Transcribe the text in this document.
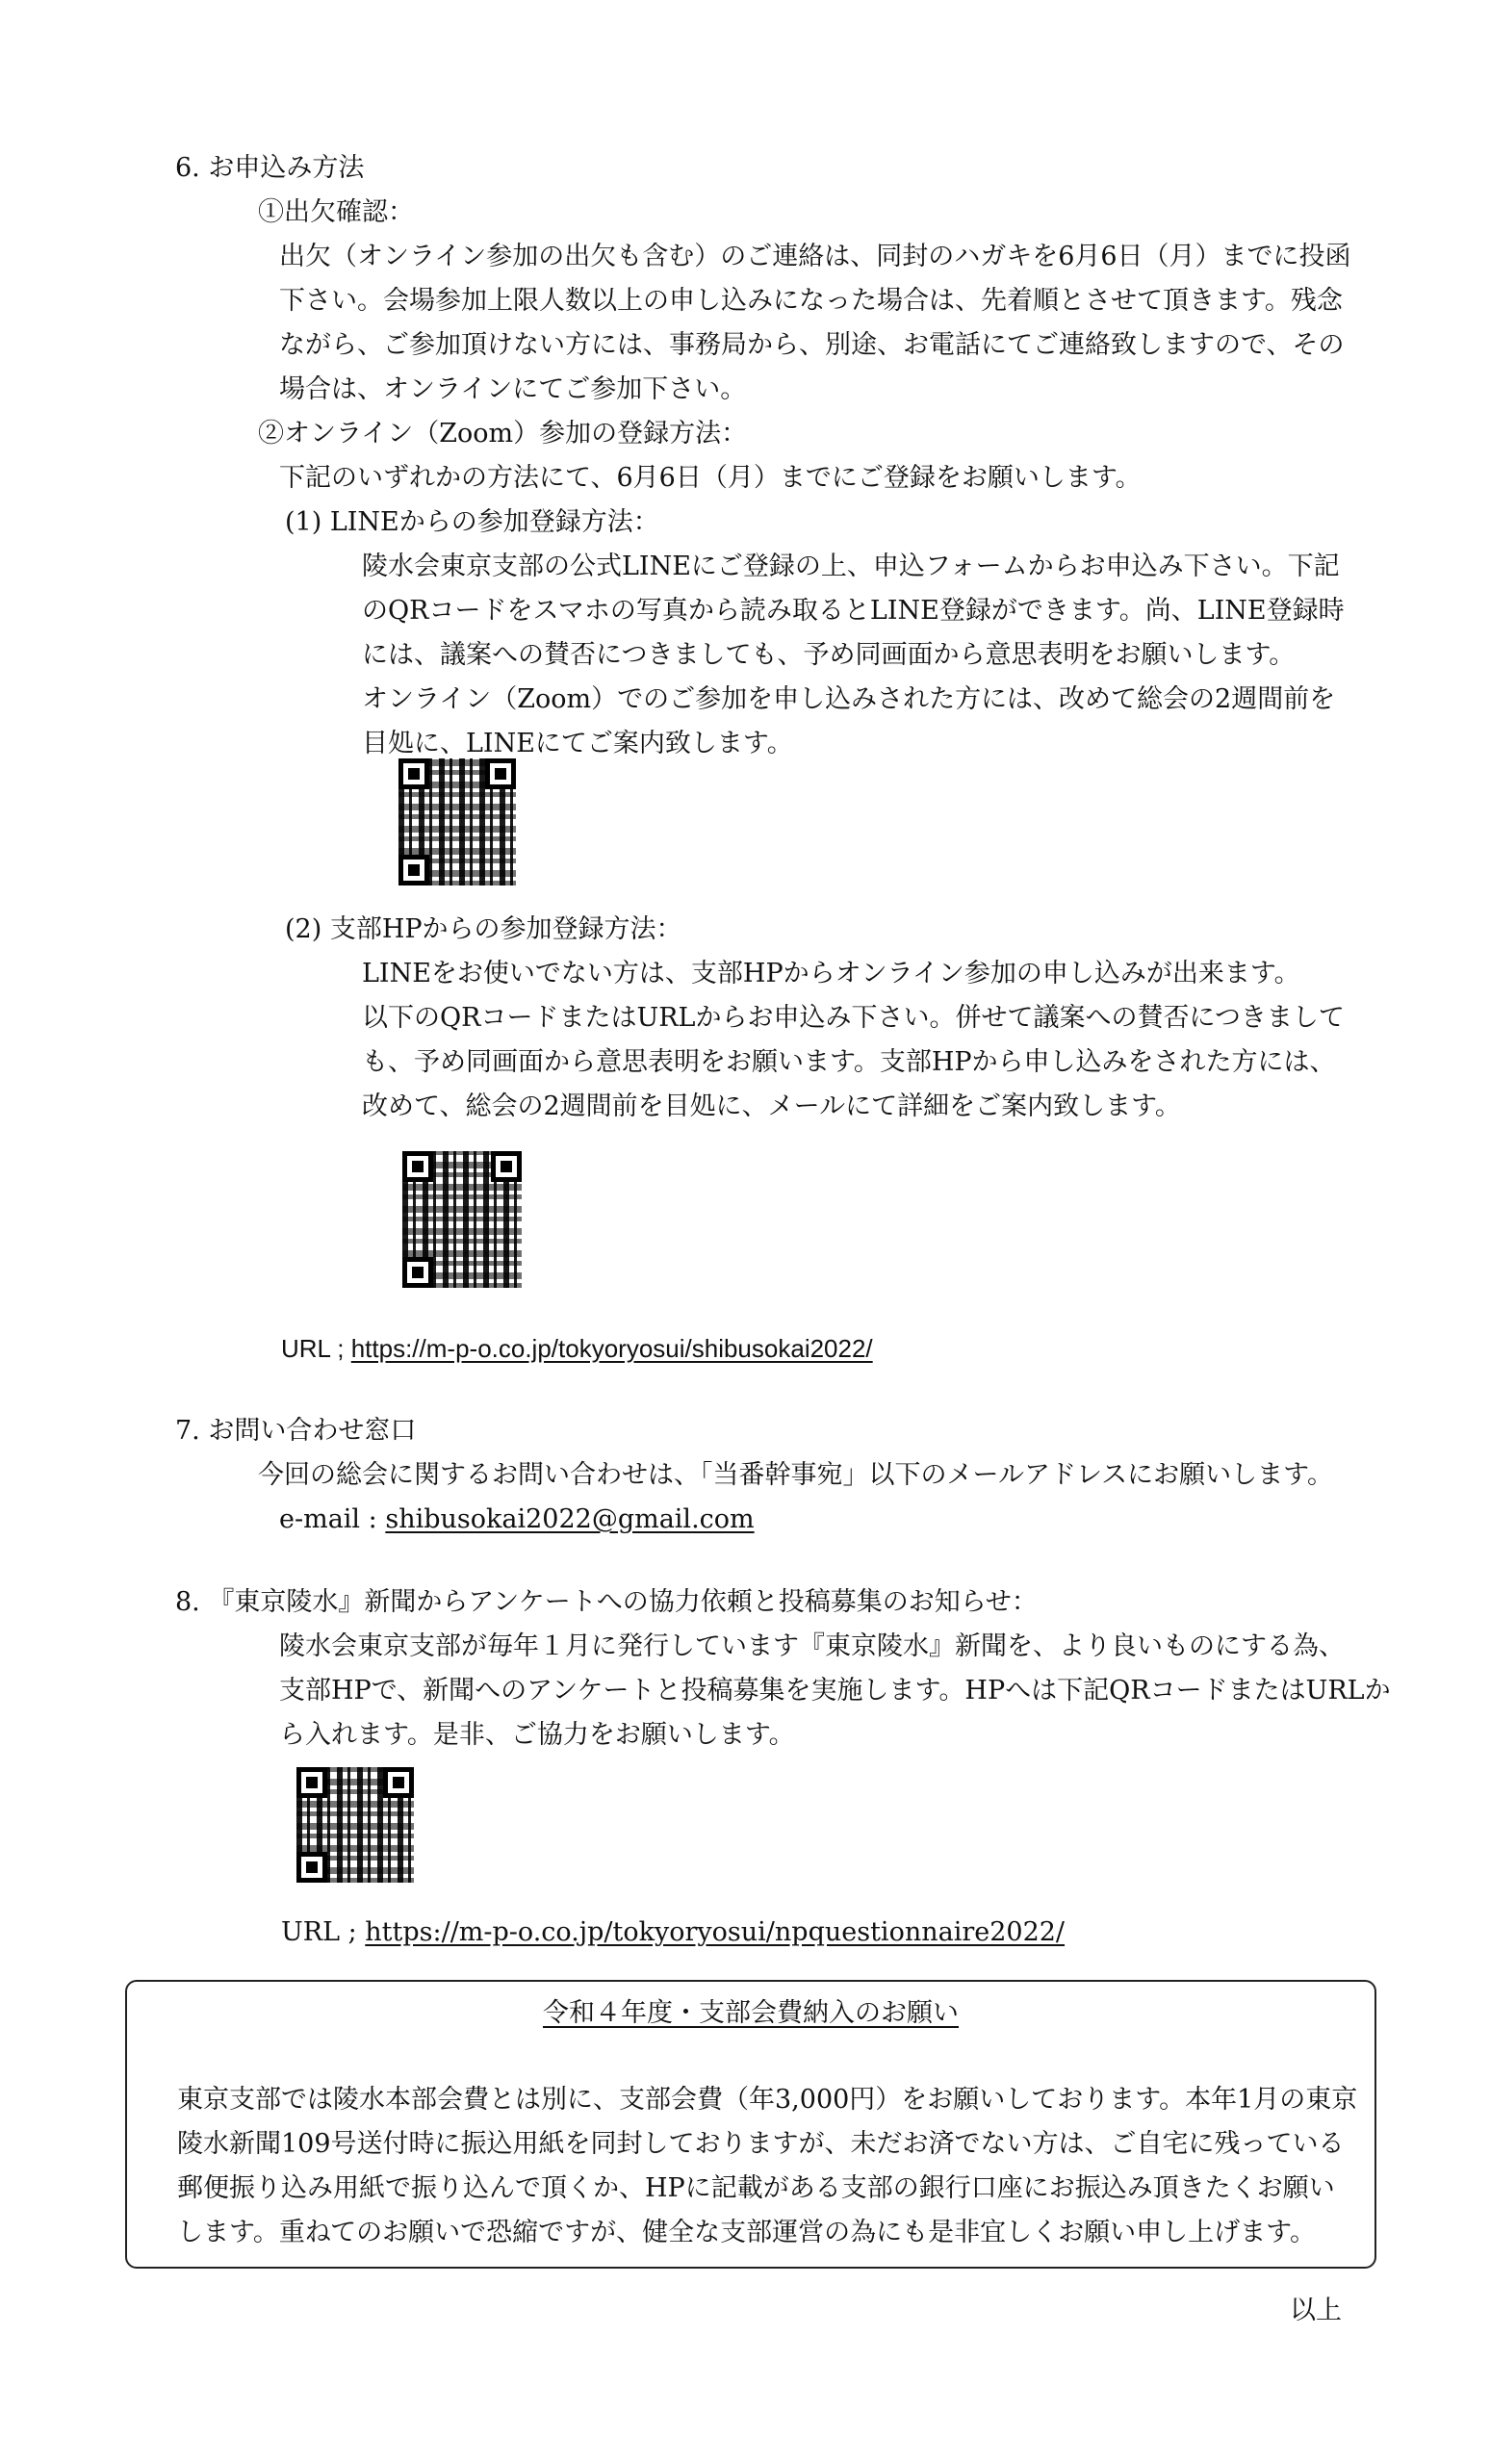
6. お申込み方法
①出欠確認：
出欠（オンライン参加の出欠も含む）のご連絡は、同封のハガキを6月6日（月）までに投函
下さい。会場参加上限人数以上の申し込みになった場合は、先着順とさせて頂きます。残念
ながら、ご参加頂けない方には、事務局から、別途、お電話にてご連絡致しますので、その
場合は、オンラインにてご参加下さい。
②オンライン（Zoom）参加の登録方法：
下記のいずれかの方法にて、6月6日（月）までにご登録をお願いします。
(1) LINEからの参加登録方法：
陵水会東京支部の公式LINEにご登録の上、申込フォームからお申込み下さい。下記
のQRコードをスマホの写真から読み取るとLINE登録ができます。尚、LINE登録時
には、議案への賛否につきましても、予め同画面から意思表明をお願いします。
オンライン（Zoom）でのご参加を申し込みされた方には、改めて総会の2週間前を
目処に、LINEにてご案内致します。
(2) 支部HPからの参加登録方法：
LINEをお使いでない方は、支部HPからオンライン参加の申し込みが出来ます。
以下のQRコードまたはURLからお申込み下さい。併せて議案への賛否につきまして
も、予め同画面から意思表明をお願います。支部HPから申し込みをされた方には、
改めて、総会の2週間前を目処に、メールにて詳細をご案内致します。
URL ; https://m-p-o.co.jp/tokyoryosui/shibusokai2022/
7. お問い合わせ窓口
今回の総会に関するお問い合わせは、「当番幹事宛」以下のメールアドレスにお願いします。
e-mail : shibusokai2022@gmail.com
8. 『東京陵水』新聞からアンケートへの協力依頼と投稿募集のお知らせ：
陵水会東京支部が毎年１月に発行しています『東京陵水』新聞を、より良いものにする為、
支部HPで、新聞へのアンケートと投稿募集を実施します。HPへは下記QRコードまたはURLか
ら入れます。是非、ご協力をお願いします。
URL ; https://m-p-o.co.jp/tokyoryosui/npquestionnaire2022/
令和４年度・支部会費納入のお願い
東京支部では陵水本部会費とは別に、支部会費（年3,000円）をお願いしております。本年1月の東京
陵水新聞109号送付時に振込用紙を同封しておりますが、未だお済でない方は、ご自宅に残っている
郵便振り込み用紙で振り込んで頂くか、HPに記載がある支部の銀行口座にお振込み頂きたくお願い
します。重ねてのお願いで恐縮ですが、健全な支部運営の為にも是非宜しくお願い申し上げます。
以上
